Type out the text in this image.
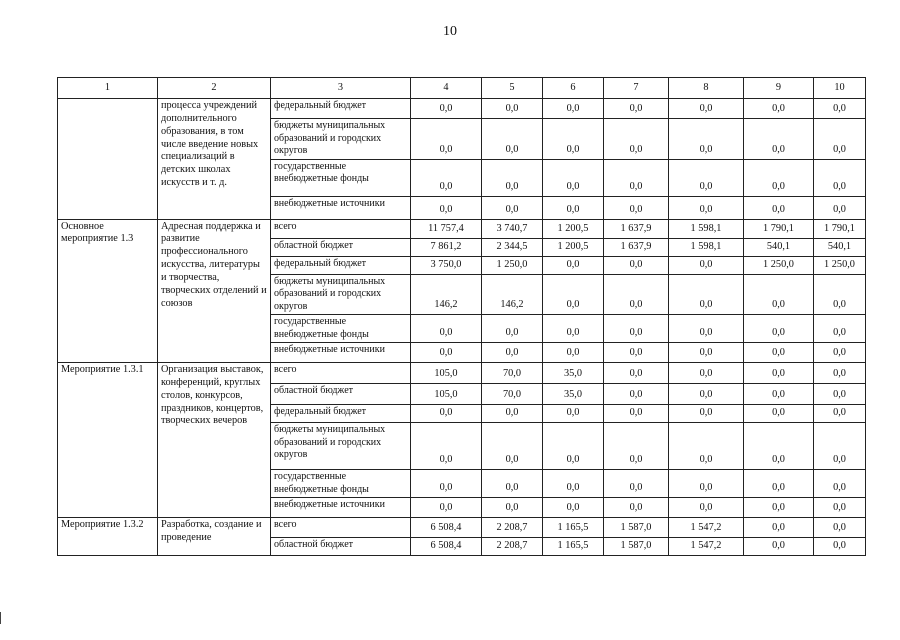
10
1	2	3	4	5	6	7	8	9	10
	процесса учреждений дополнительного образования, в том числе введение новых специализаций в детских школах искусств и т. д.	федеральный бюджет	0,0	0,0	0,0	0,0	0,0	0,0	0,0
		бюджеты муниципальных образований и городских округов	0,0	0,0	0,0	0,0	0,0	0,0	0,0
		государственные внебюджетные фонды	0,0	0,0	0,0	0,0	0,0	0,0	0,0
		внебюджетные источники	0,0	0,0	0,0	0,0	0,0	0,0	0,0
Основное мероприятие 1.3	Адресная поддержка и развитие профессионального искусства, литературы и творчества, творческих отделений и союзов	всего	11 757,4	3 740,7	1 200,5	1 637,9	1 598,1	1 790,1	1 790,1
		областной бюджет	7 861,2	2 344,5	1 200,5	1 637,9	1 598,1	540,1	540,1
		федеральный бюджет	3 750,0	1 250,0	0,0	0,0	0,0	1 250,0	1 250,0
		бюджеты муниципальных образований и городских округов	146,2	146,2	0,0	0,0	0,0	0,0	0,0
		государственные внебюджетные фонды	0,0	0,0	0,0	0,0	0,0	0,0	0,0
		внебюджетные источники	0,0	0,0	0,0	0,0	0,0	0,0	0,0
Мероприятие 1.3.1	Организация выставок, конференций, круглых столов, конкурсов, праздников, концертов, творческих вечеров	всего	105,0	70,0	35,0	0,0	0,0	0,0	0,0
		областной бюджет	105,0	70,0	35,0	0,0	0,0	0,0	0,0
		федеральный бюджет	0,0	0,0	0,0	0,0	0,0	0,0	0,0
		бюджеты муниципальных образований и городских округов	0,0	0,0	0,0	0,0	0,0	0,0	0,0
		государственные внебюджетные фонды	0,0	0,0	0,0	0,0	0,0	0,0	0,0
		внебюджетные источники	0,0	0,0	0,0	0,0	0,0	0,0	0,0
Мероприятие 1.3.2	Разработка, создание и проведение	всего	6 508,4	2 208,7	1 165,5	1 587,0	1 547,2	0,0	0,0
		областной бюджет	6 508,4	2 208,7	1 165,5	1 587,0	1 547,2	0,0	0,0
